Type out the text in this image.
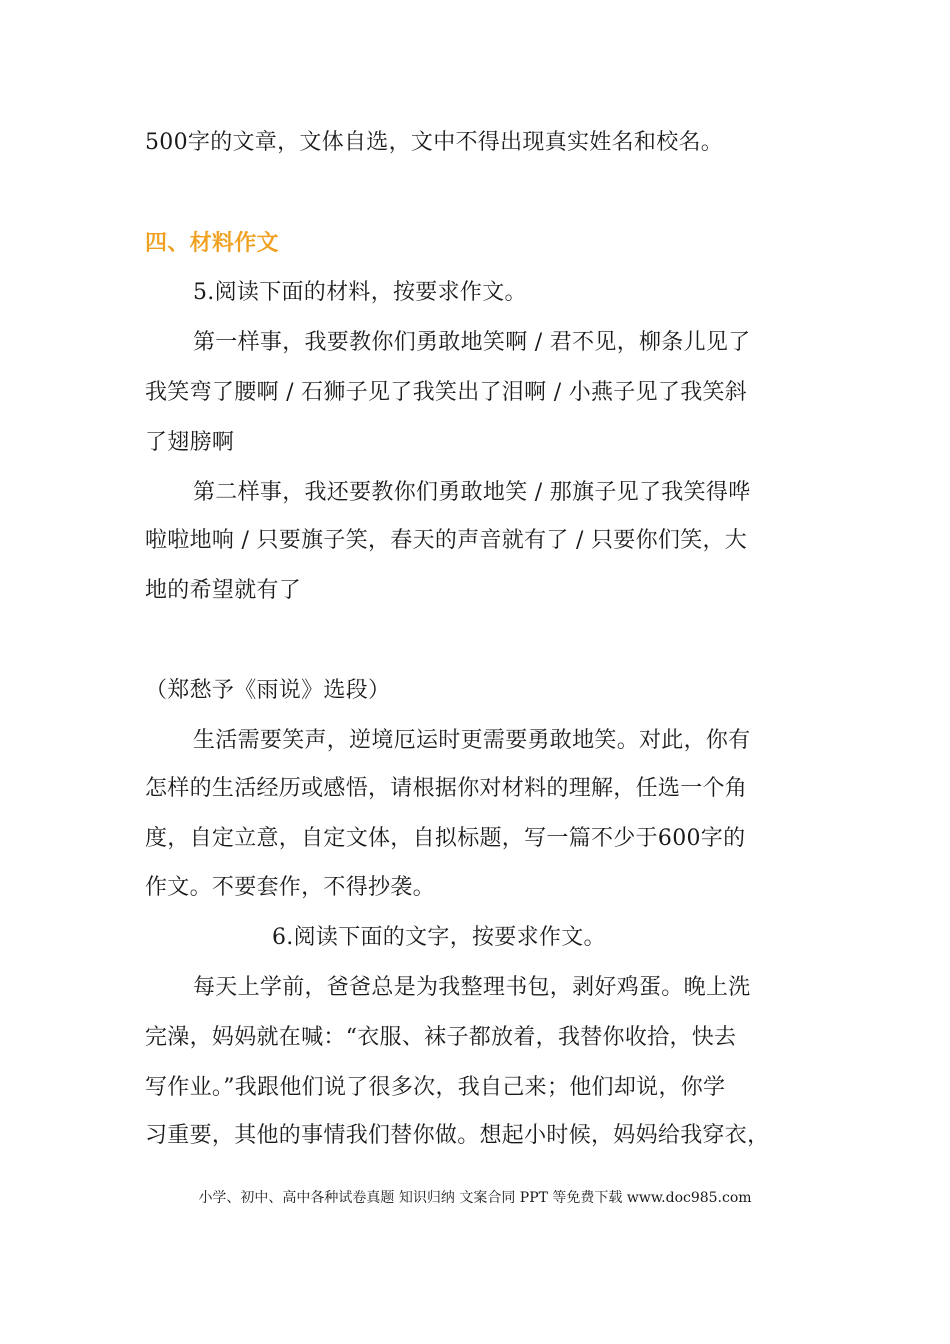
500字的文章，文体自选，文中不得出现真实姓名和校名。
四、材料作文
5.阅读下面的材料，按要求作文。
第一样事，我要教你们勇敢地笑啊 / 君不见，柳条儿见了
我笑弯了腰啊 / 石狮子见了我笑出了泪啊 / 小燕子见了我笑斜
了翅膀啊
第二样事，我还要教你们勇敢地笑 / 那旗子见了我笑得哗
啦啦地响 / 只要旗子笑，春天的声音就有了 / 只要你们笑，大
地的希望就有了
（郑愁予《雨说》选段）
生活需要笑声，逆境厄运时更需要勇敢地笑。对此，你有
怎样的生活经历或感悟，请根据你对材料的理解，任选一个角
度，自定立意，自定文体，自拟标题，写一篇不少于600字的
作文。不要套作，不得抄袭。
6.阅读下面的文字，按要求作文。
每天上学前，爸爸总是为我整理书包，剥好鸡蛋。晚上洗
完澡，妈妈就在喊：“衣服、袜子都放着，我替你收拾，快去
写作业。”我跟他们说了很多次，我自己来；他们却说，你学
习重要，其他的事情我们替你做。想起小时候，妈妈给我穿衣，
小学、初中、高中各种试卷真题 知识归纳 文案合同 PPT 等免费下载 www.doc985.com
